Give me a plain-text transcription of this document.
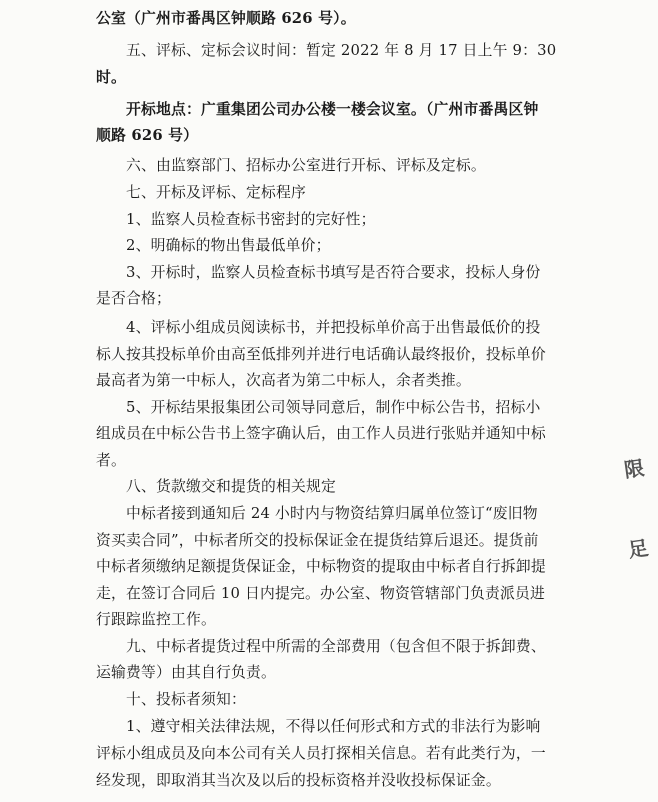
公室（广州市番禺区钟顺路 626 号）。
　　五、评标、定标会议时间：暂定 2022 年 8 月 17 日上午 9：30
时。
　　开标地点：广重集团公司办公楼一楼会议室。（广州市番禺区钟
顺路 626 号）
　　六、由监察部门、招标办公室进行开标、评标及定标。
　　七、开标及评标、定标程序
　　1、监察人员检查标书密封的完好性；
　　2、明确标的物出售最低单价；
　　3、开标时，监察人员检查标书填写是否符合要求，投标人身份
是否合格；
　　4、评标小组成员阅读标书，并把投标单价高于出售最低价的投
标人按其投标单价由高至低排列并进行电话确认最终报价，投标单价
最高者为第一中标人，次高者为第二中标人，余者类推。
　　5、开标结果报集团公司领导同意后，制作中标公告书，招标小
组成员在中标公告书上签字确认后，由工作人员进行张贴并通知中标
者。
　　八、货款缴交和提货的相关规定
　　中标者接到通知后 24 小时内与物资结算归属单位签订“废旧物
资买卖合同”，中标者所交的投标保证金在提货结算后退还。提货前
中标者须缴纳足额提货保证金，中标物资的提取由中标者自行拆卸提
走，在签订合同后 10 日内提完。办公室、物资管辖部门负责派员进
行跟踪监控工作。
　　九、中标者提货过程中所需的全部费用（包含但不限于拆卸费、
运输费等）由其自行负责。
　　十、投标者须知：
　　1、遵守相关法律法规，不得以任何形式和方式的非法行为影响
评标小组成员及向本公司有关人员打探相关信息。若有此类行为，一
经发现，即取消其当次及以后的投标资格并没收投标保证金。
限
足
